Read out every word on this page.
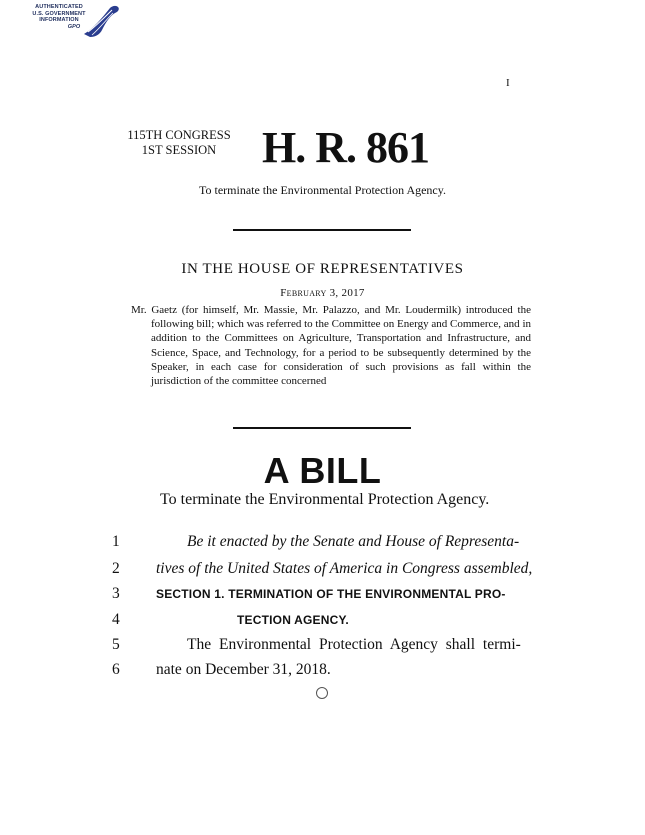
AUTHENTICATED
U.S. GOVERNMENT
INFORMATION
GPO
I
115TH CONGRESS
1ST SESSION	H. R. 861
To terminate the Environmental Protection Agency.
IN THE HOUSE OF REPRESENTATIVES
February 3, 2017
Mr. Gaetz (for himself, Mr. Massie, Mr. Palazzo, and Mr. Loudermilk) introduced the following bill; which was referred to the Committee on Energy and Commerce, and in addition to the Committees on Agriculture, Transportation and Infrastructure, and Science, Space, and Technology, for a period to be subsequently determined by the Speaker, in each case for consideration of such provisions as fall within the jurisdiction of the committee concerned
A BILL
To terminate the Environmental Protection Agency.
1	Be it enacted by the Senate and House of Representa-
2	tives of the United States of America in Congress assembled,
3	SECTION 1. TERMINATION OF THE ENVIRONMENTAL PRO-
4	TECTION AGENCY.
5	The Environmental Protection Agency shall termi-
6	nate on December 31, 2018.
